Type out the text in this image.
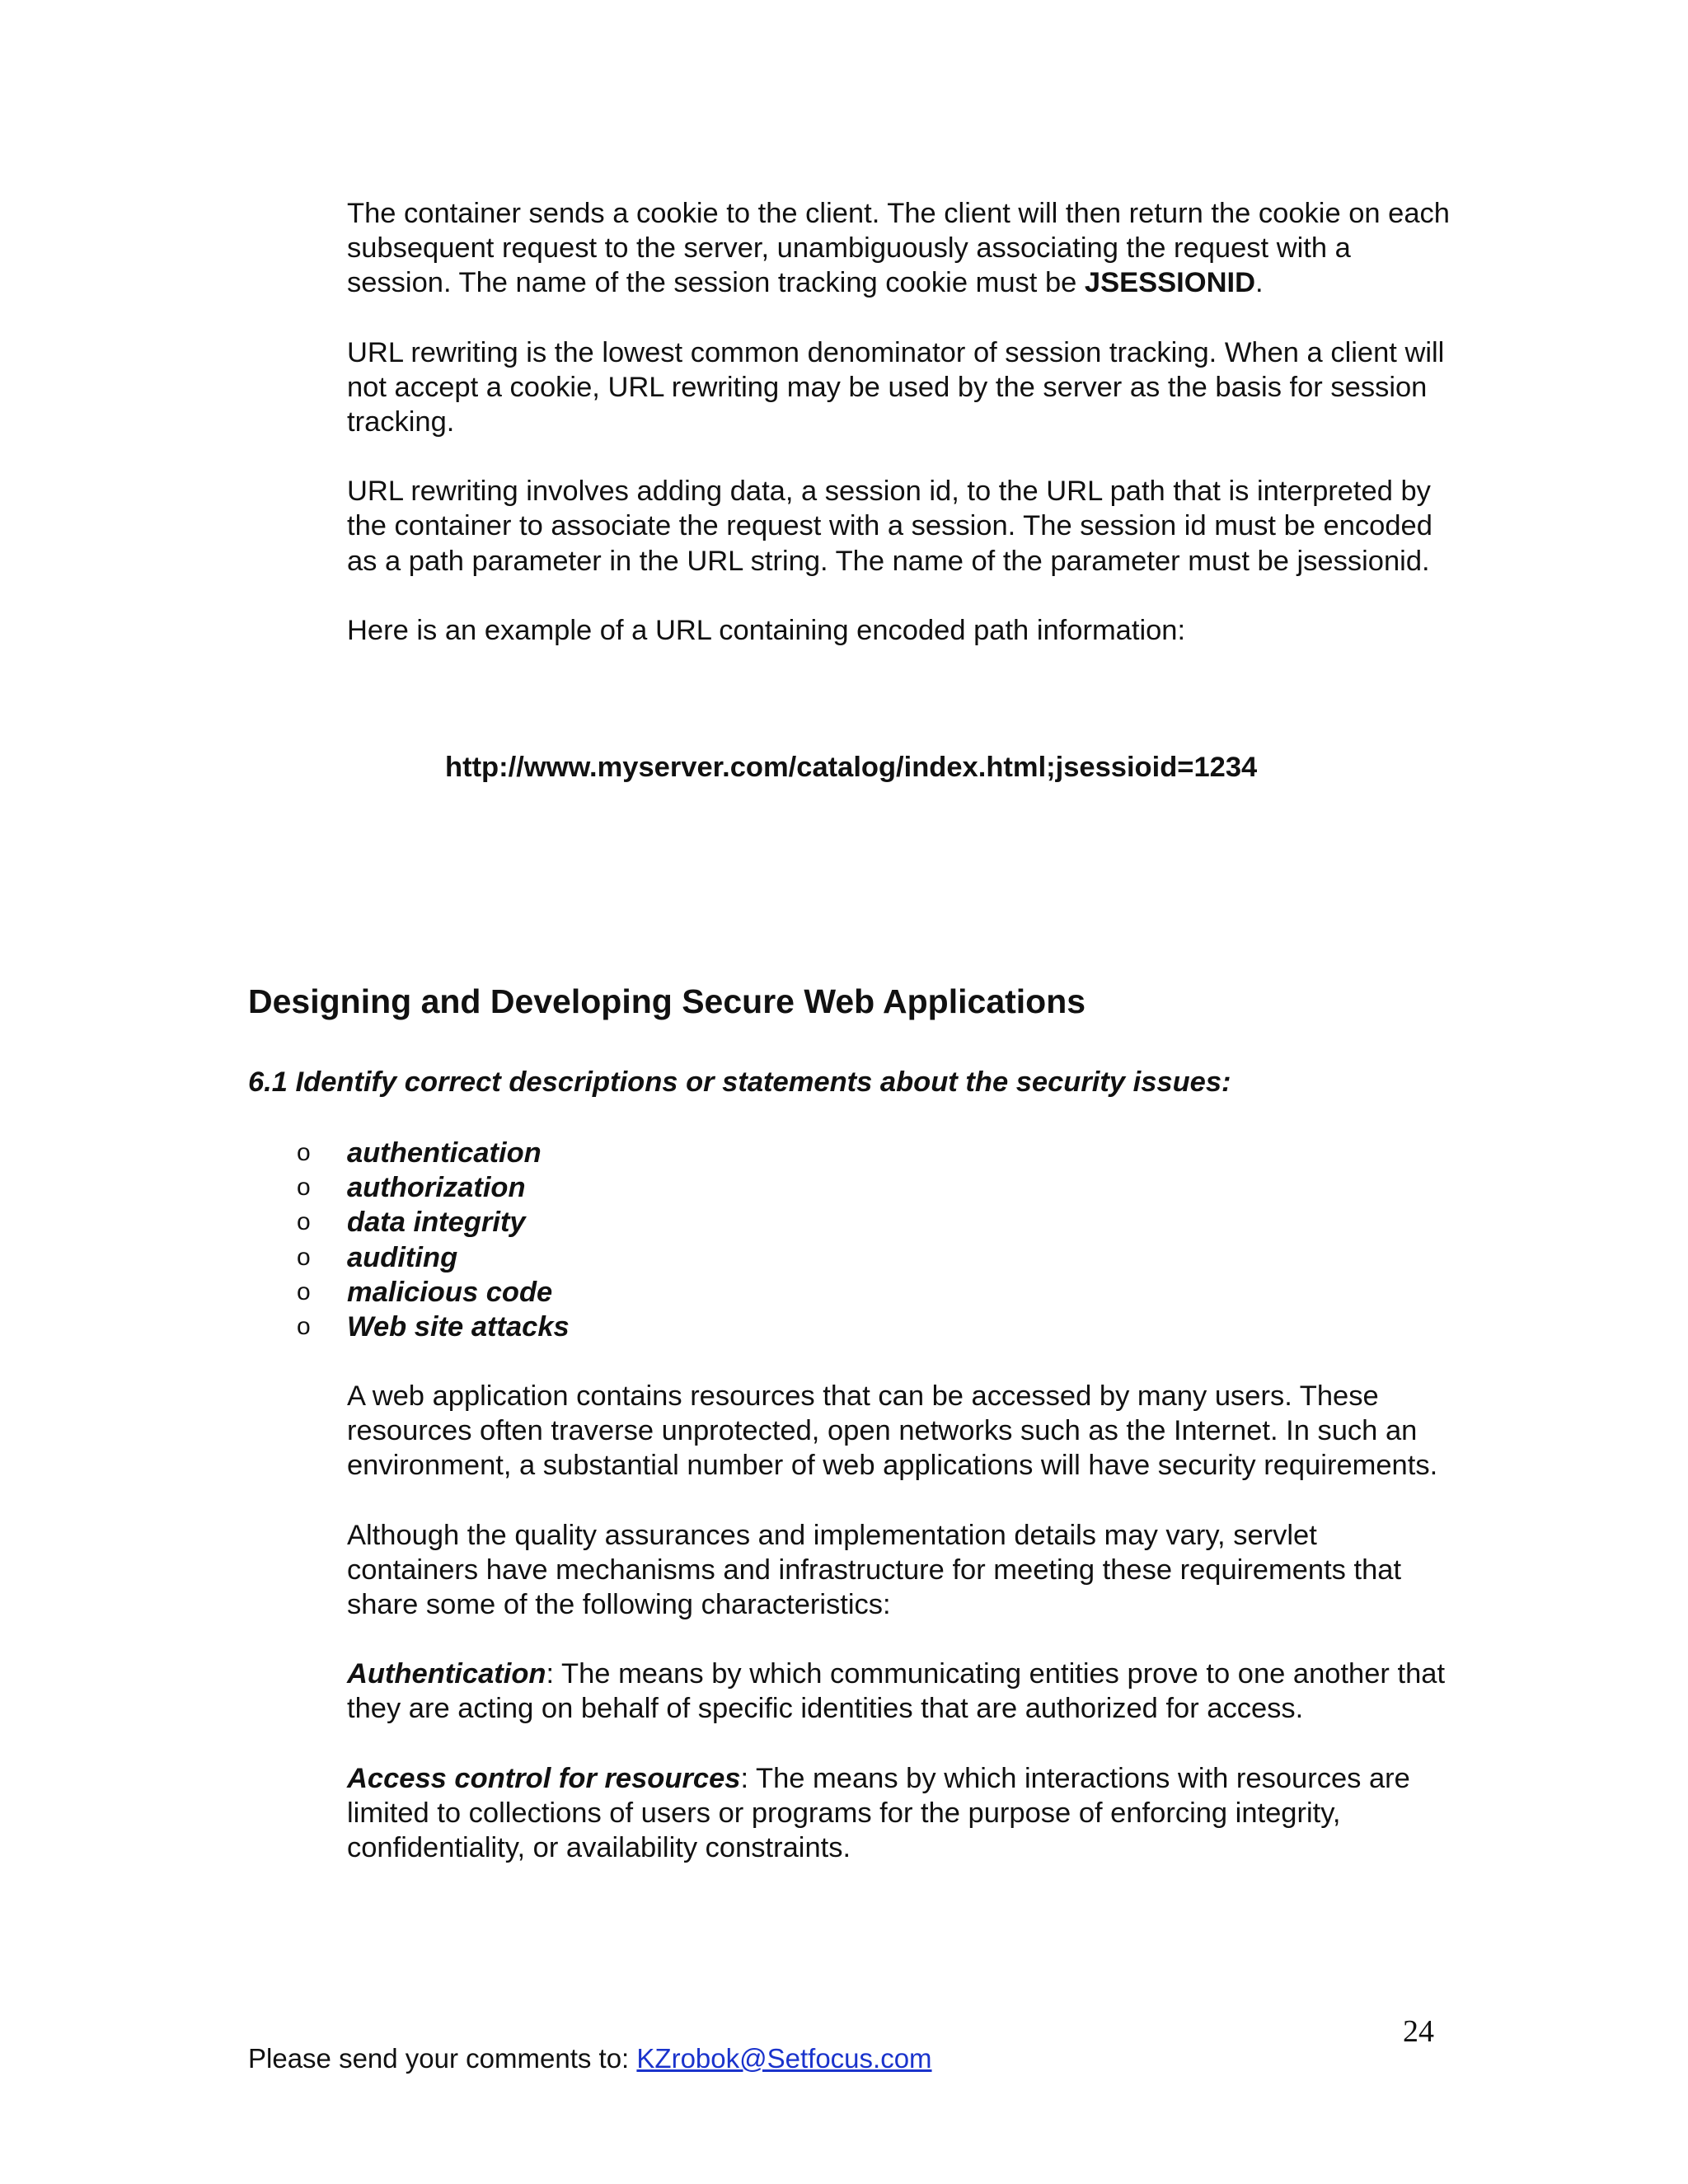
The container sends a cookie to the client. The client will then return the cookie on each subsequent request to the server, unambiguously associating the request with a session. The name of the session tracking cookie must be JSESSIONID.

URL rewriting is the lowest common denominator of session tracking. When a client will not accept a cookie, URL rewriting may be used by the server as the basis for session tracking.

URL rewriting involves adding data, a session id, to the URL path that is interpreted by the container to associate the request with a session. The session id must be encoded as a path parameter in the URL string. The name of the parameter must be jsessionid.

Here is an example of a URL containing encoded path information:

http://www.myserver.com/catalog/index.html;jsessioid=1234
Designing and Developing Secure Web Applications

6.1 Identify correct descriptions or statements about the security issues:

o authentication
o authorization
o data integrity
o auditing
o malicious code
o Web site attacks

A web application contains resources that can be accessed by many users. These resources often traverse unprotected, open networks such as the Internet. In such an environment, a substantial number of web applications will have security requirements.

Although the quality assurances and implementation details may vary, servlet containers have mechanisms and infrastructure for meeting these requirements that share some of the following characteristics:

Authentication: The means by which communicating entities prove to one another that they are acting on behalf of specific identities that are authorized for access.

Access control for resources: The means by which interactions with resources are limited to collections of users or programs for the purpose of enforcing integrity, confidentiality, or availability constraints.

24
Please send your comments to: KZrobok@Setfocus.com
